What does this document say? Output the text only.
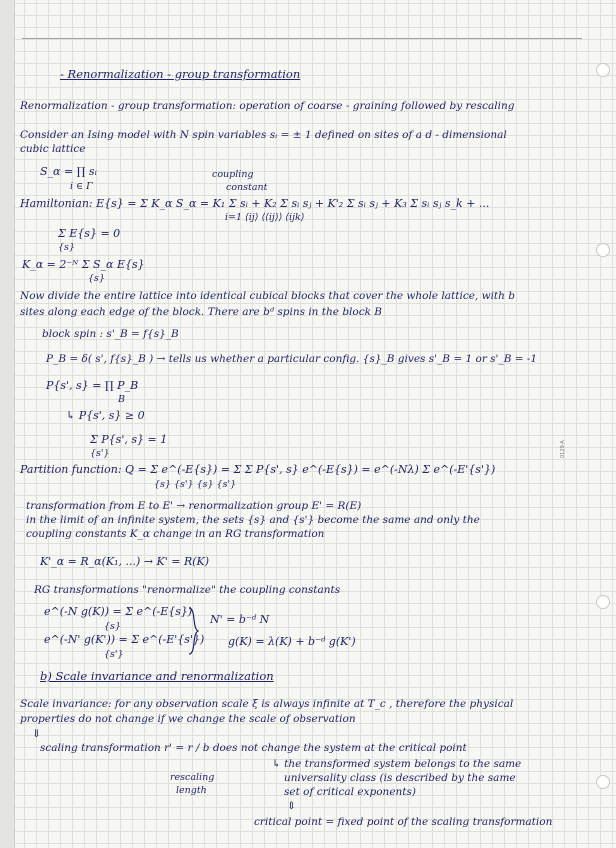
0129-A
- Renormalization - group transformation
Renormalization - group transformation: operation of coarse - graining followed by rescaling
Consider an Ising model with N spin variables sᵢ = ± 1 defined on sites of a d - dimensional
cubic lattice
S_α = ∏ sᵢ
i ∈ Γ
coupling
constant
Hamiltonian: E{s} = Σ K_α S_α = K₁ Σ sᵢ + K₂ Σ sᵢ sⱼ + K'₂ Σ sᵢ sⱼ + K₃ Σ sᵢ sⱼ s_k + ...
i=1 ⟨ij⟩ ⟨⟨ij⟩⟩ ⟨ijk⟩
Σ E{s} = 0
{s}
K_α = 2⁻ᴺ Σ S_α E{s}
{s}
Now divide the entire lattice into identical cubical blocks that cover the whole lattice, with b
sites along each edge of the block. There are bᵈ spins in the block B
block spin : s'_B = f{s}_B
P_B = δ( s', f{s}_B ) → tells us whether a particular config. {s}_B gives s'_B = 1 or s'_B = -1
P{s', s} = ∏ P_B
B
↳ P{s', s} ≥ 0
Σ P{s', s} = 1
{s'}
Partition function: Q = Σ e^(-E{s}) = Σ Σ P{s', s} e^(-E{s}) = e^(-Nλ) Σ e^(-E'{s'})
{s} {s'} {s} {s'}
transformation from E to E' → renormalization group E' = R(E)
in the limit of an infinite system, the sets {s} and {s'} become the same and only the
coupling constants K_α change in an RG transformation
K'_α = R_α(K₁, ...) → K' = R(K)
RG transformations "renormalize" the coupling constants
e^(-N g(K)) = Σ e^(-E{s})
{s}
e^(-N' g(K')) = Σ e^(-E'{s'})
{s'}
N' = b⁻ᵈ N
g(K) = λ(K) + b⁻ᵈ g(K')
b) Scale invariance and renormalization
Scale invariance: for any observation scale ξ is always infinite at T_c , therefore the physical
properties do not change if we change the scale of observation
⇓
scaling transformation r' = r / b does not change the system at the critical point
↳ the transformed system belongs to the same
universality class (is described by the same
set of critical exponents)
rescaling
length
⇕
critical point = fixed point of the scaling transformation
